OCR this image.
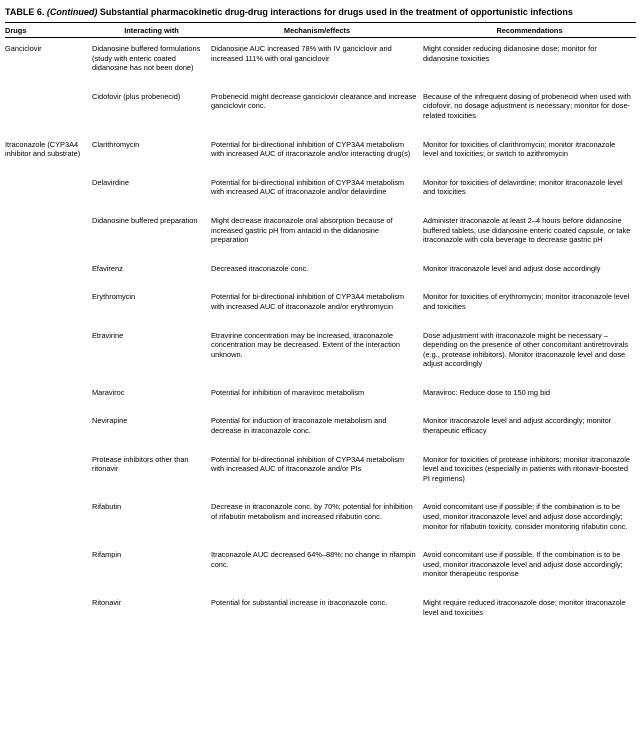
TABLE 6. (Continued) Substantial pharmacokinetic drug-drug interactions for drugs used in the treatment of opportunistic infections
Drugs	Interacting with	Mechanism/effects	Recommendations
Ganciclovir	Didanosine buffered formulations (study with enteric coated didanosine has not been done)	Didanosine AUC increased 78% with IV ganciclovir and increased 111% with oral ganciclovir	Might consider reducing didanosine dose; monitor for didanosine toxicities
	Cidofovir (plus probenecid)	Probenecid might decrease ganciclovir clearance and increase ganciclovir conc.	Because of the infrequent dosing of probenecid when used with cidofovir, no dosage adjustment is necessary; monitor for dose-related toxicities
Itraconazole (CYP3A4 inhibitor and substrate)	Clarithromycin	Potential for bi-directional inhibition of CYP3A4 metabolism with increased AUC of itraconazole and/or interacting drug(s)	Monitor for toxicities of clarithromycin; monitor itraconazole level and toxicities; or switch to azithromycin
	Delavirdine	Potential for bi-directional inhibition of CYP3A4 metabolism with increased AUC of itraconazole and/or delavirdine	Monitor for toxicities of delavirdine; monitor itraconazole level and toxicities
	Didanosine buffered preparation	Might decrease itraconazole oral absorption because of increased gastric pH from antacid in the didanosine preparation	Administer itraconazole at least 2–4 hours before didanosine buffered tablets, use didanosine enteric coated capsule, or take itraconazole with cola beverage to decrease gastric pH
	Efavirenz	Decreased itraconazole conc.	Monitor itraconazole level and adjust dose accordingly
	Erythromycin	Potential for bi-directional inhibition of CYP3A4 metabolism with increased AUC of itraconazole and/or erythromycin	Monitor for toxicities of erythromycin; monitor itraconazole level and toxicities
	Etravirine	Etravirine concentration may be increased, itraconazole concentration may be decreased. Extent of the interaction unknown.	Dose adjustment with itraconazole might be necessary – depending on the presence of other concomitant antiretrovirals (e.g., protease inhibitors). Monitor itraconazole level and dose adjust accordingly
	Maraviroc	Potential for inhibition of maraviroc metabolism	Maraviroc: Reduce dose to 150 mg bid
	Nevirapine	Potential for induction of itraconazole metabolism and decrease in itraconazole conc.	Monitor itraconazole level and adjust accordingly; monitor therapeutic efficacy
	Protease inhibitors other than ritonavir	Potential for bi-directional inhibition of CYP3A4 metabolism with increased AUC of itraconazole and/or PIs	Monitor for toxicities of protease inhibitors; monitor itraconazole level and toxicities (especially in patients with ritonavir-boosted PI regimens)
	Rifabutin	Decrease in itraconazole conc. by 70%; potential for inhibition of rifabutin metabolism and increased rifabutin conc.	Avoid concomitant use if possible; if the combination is to be used, monitor itraconazole level and adjust dose accordingly; monitor for rifabutin toxicity, consider monitoring rifabutin conc.
	Rifampin	Itraconazole AUC decreased 64%–88%; no change in rifampin conc.	Avoid concomitant use if possible. If the combination is to be used, monitor itraconazole level and adjust dose accordingly; monitor therapeutic response
	Ritonavir	Potential for substantial increase in itraconazole conc.	Might require reduced itraconazole dose; monitor itraconazole level and toxicities
